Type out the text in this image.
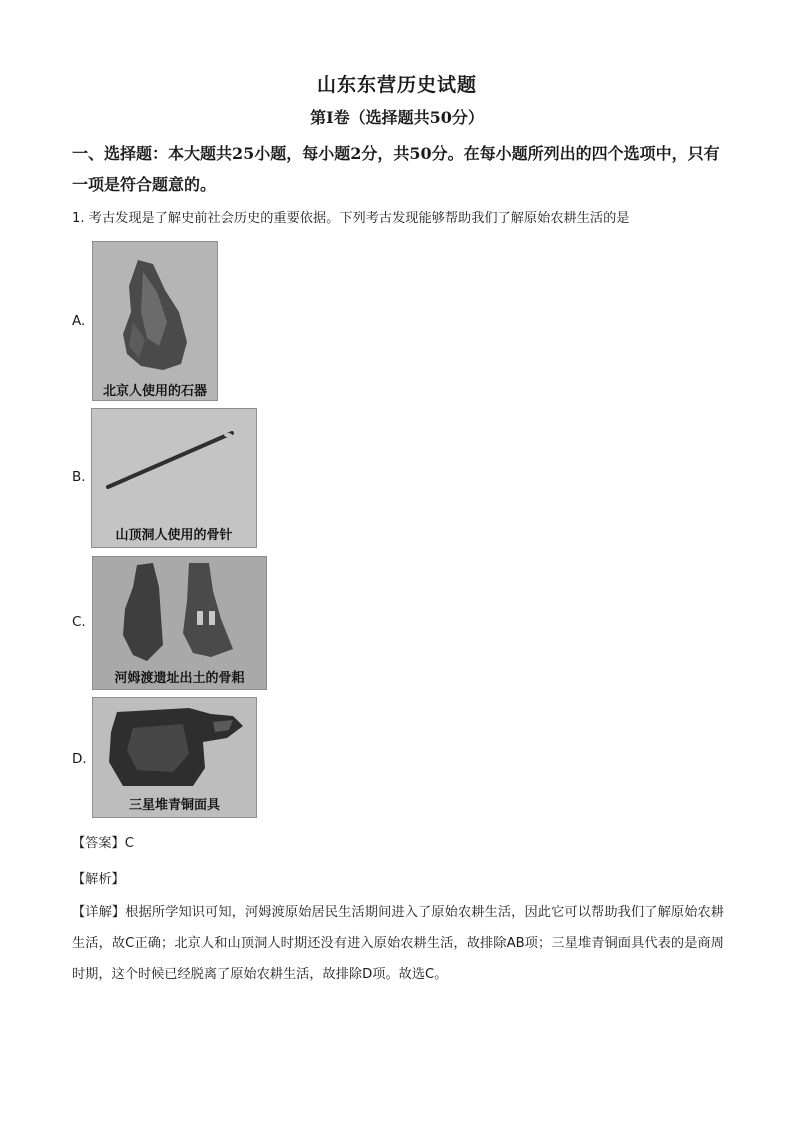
山东东营历史试题
第Ⅰ卷（选择题共50分）
一、选择题：本大题共25小题，每小题2分，共50分。在每小题所列出的四个选项中，只有一项是符合题意的。
1. 考古发现是了解史前社会历史的重要依据。下列考古发现能够帮助我们了解原始农耕生活的是
A.
北京人使用的石器
B.
山顶洞人使用的骨针
C.
河姆渡遗址出土的骨耜
D.
三星堆青铜面具
【答案】C
【解析】
【详解】根据所学知识可知，河姆渡原始居民生活期间进入了原始农耕生活，因此它可以帮助我们了解原始农耕生活，故C正确；北京人和山顶洞人时期还没有进入原始农耕生活，故排除AB项；三星堆青铜面具代表的是商周时期，这个时候已经脱离了原始农耕生活，故排除D项。故选C。
